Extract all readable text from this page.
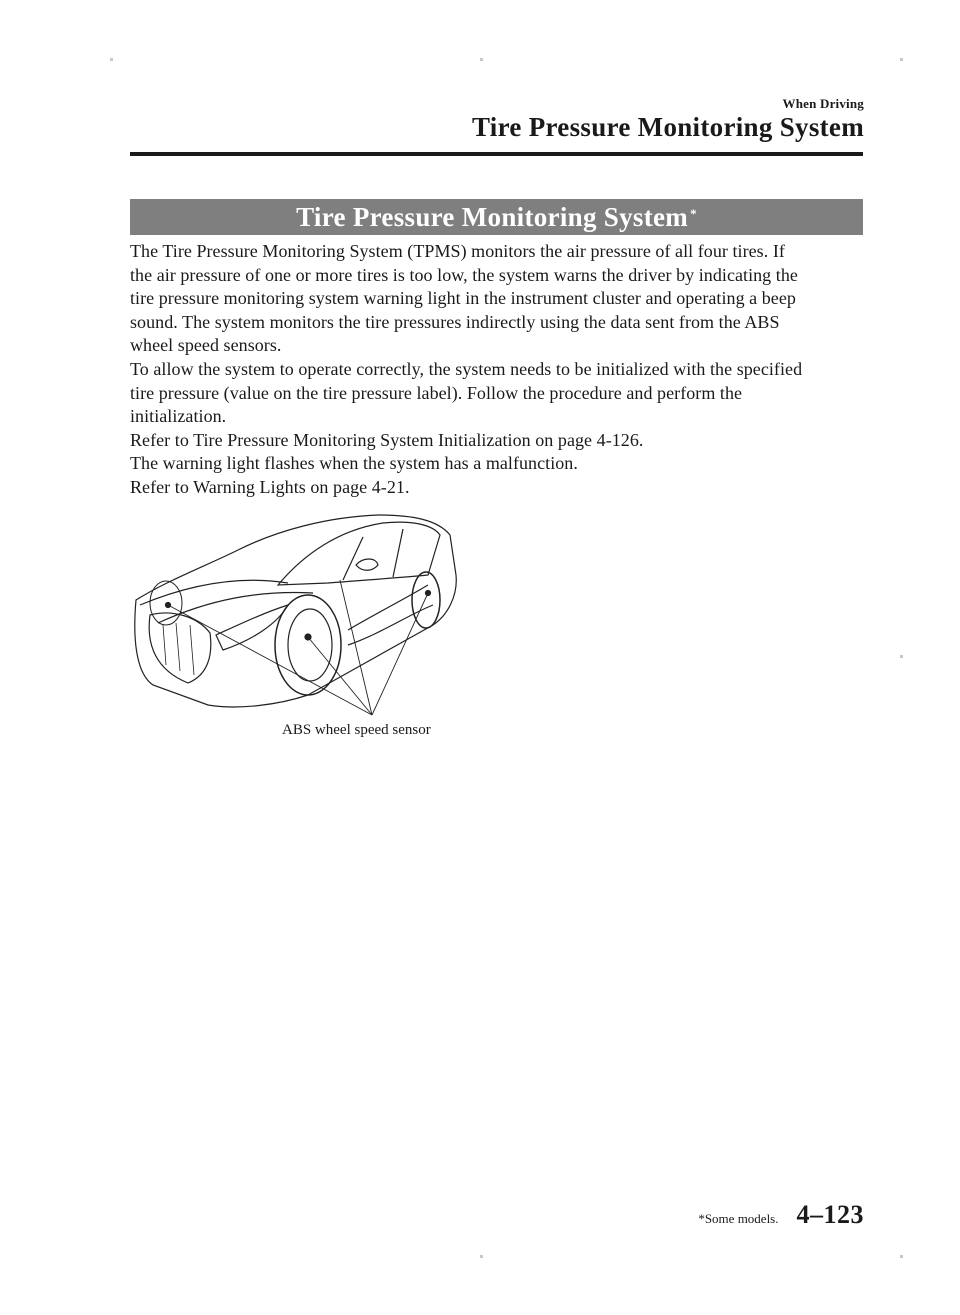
When Driving
Tire Pressure Monitoring System
Tire Pressure Monitoring System*

The Tire Pressure Monitoring System (TPMS) monitors the air pressure of all four tires. If

the air pressure of one or more tires is too low, the system warns the driver by indicating the

tire pressure monitoring system warning light in the instrument cluster and operating a beep

sound. The system monitors the tire pressures indirectly using the data sent from the ABS

wheel speed sensors.

To allow the system to operate correctly, the system needs to be initialized with the specified

tire pressure (value on the tire pressure label). Follow the procedure and perform the

initialization.

Refer to Tire Pressure Monitoring System Initialization on page 4-126.

The warning light flashes when the system has a malfunction.

Refer to Warning Lights on page 4-21.

ABS wheel speed sensor
*Some models. 4–123
